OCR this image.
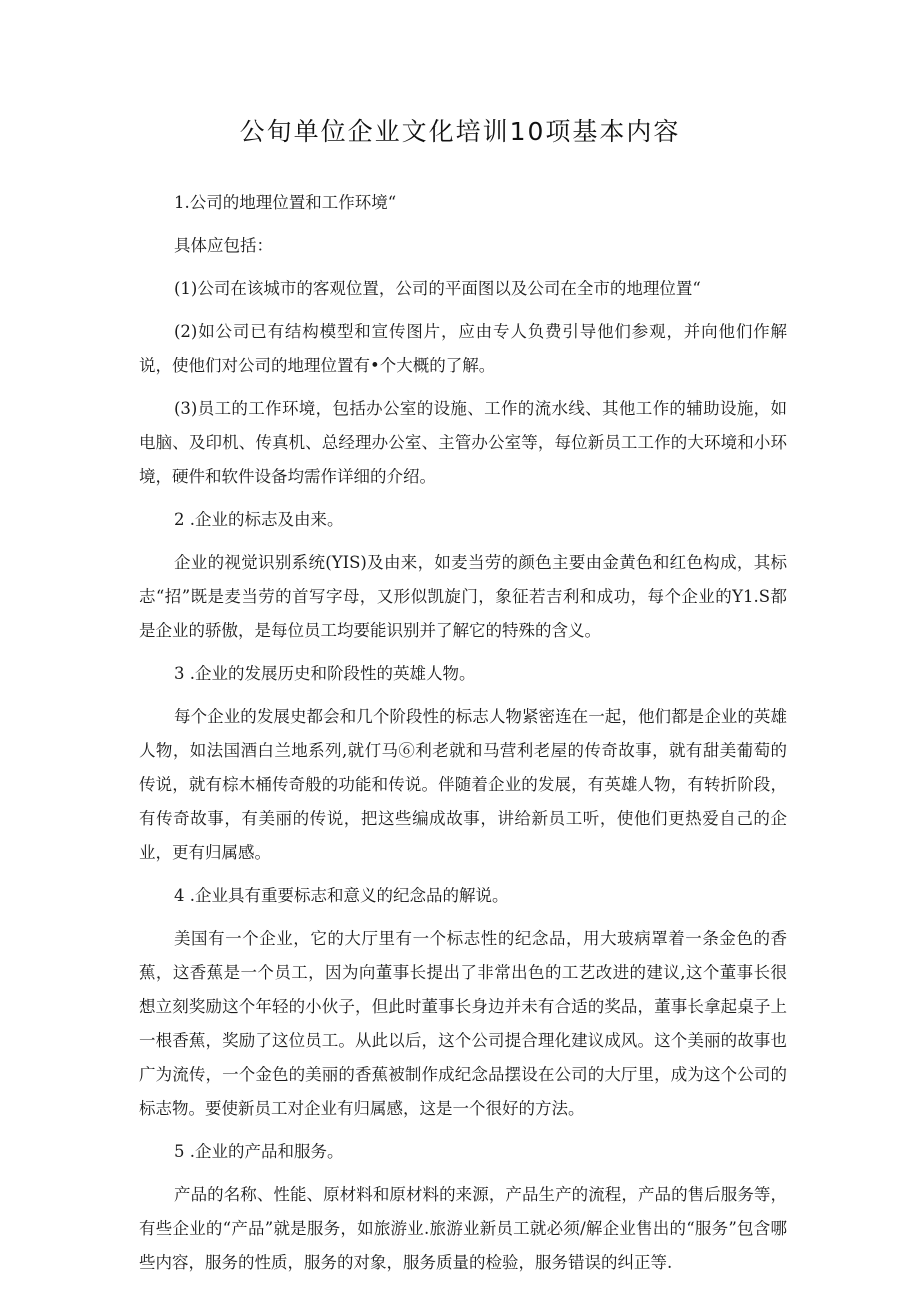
公旬单位企业文化培训10项基本内容

1.公司的地理位置和工作环境“

具体应包括：

(1)公司在该城市的客观位置，公司的平面图以及公司在全市的地理位置“

(2)如公司已有结构模型和宣传图片，应由专人负费引导他们参观，并向他们作解说，使他们对公司的地理位置有•个大概的了解。

(3)员工的工作环境，包括办公室的设施、工作的流水线、其他工作的辅助设施，如电脑、及印机、传真机、总经理办公室、主管办公室等，每位新员工工作的大环境和小环境，硬件和软件设备均需作详细的介绍。

2 .企业的标志及由来。

企业的视觉识别系统(YIS)及由来，如麦当劳的颜色主要由金黄色和红色构成，其标志“招”既是麦当劳的首写字母，又形似凯旋门，象征若吉利和成功，每个企业的Y1.S都是企业的骄傲，是每位员工均要能识别并了解它的特殊的含义。

3 .企业的发展历史和阶段性的英雄人物。

每个企业的发展史都会和几个阶段性的标志人物紧密连在一起，他们都是企业的英雄人物，如法国酒白兰地系列,就仃马⑥利老就和马营利老屋的传奇故事，就有甜美葡萄的传说，就有棕木桶传奇般的功能和传说。伴随着企业的发展，有英雄人物，有转折阶段，有传奇故事，有美丽的传说，把这些编成故事，讲给新员工听，使他们更热爱自己的企业，更有归属感。

4 .企业具有重要标志和意义的纪念品的解说。

美国有一个企业，它的大厅里有一个标志性的纪念品，用大玻病罩着一条金色的香蕉，这香蕉是一个员工，因为向董事长提出了非常出色的工艺改进的建议,这个董事长很想立刻奖励这个年轻的小伙子，但此时董事长身边并未有合适的奖品，董事长拿起桌子上一根香蕉，奖励了这位员工。从此以后，这个公司提合理化建议成风。这个美丽的故事也广为流传，一个金色的美丽的香蕉被制作成纪念品摆设在公司的大厅里，成为这个公司的标志物。要使新员工对企业有归属感，这是一个很好的方法。

5 .企业的产品和服务。

产品的名称、性能、原材料和原材料的来源，产品生产的流程，产品的售后服务等，有些企业的“产品”就是服务，如旅游业.旅游业新员工就必须/解企业售出的“服务”包含哪些内容，服务的性质，服务的对象，服务质量的检验，服务错误的纠正等.
